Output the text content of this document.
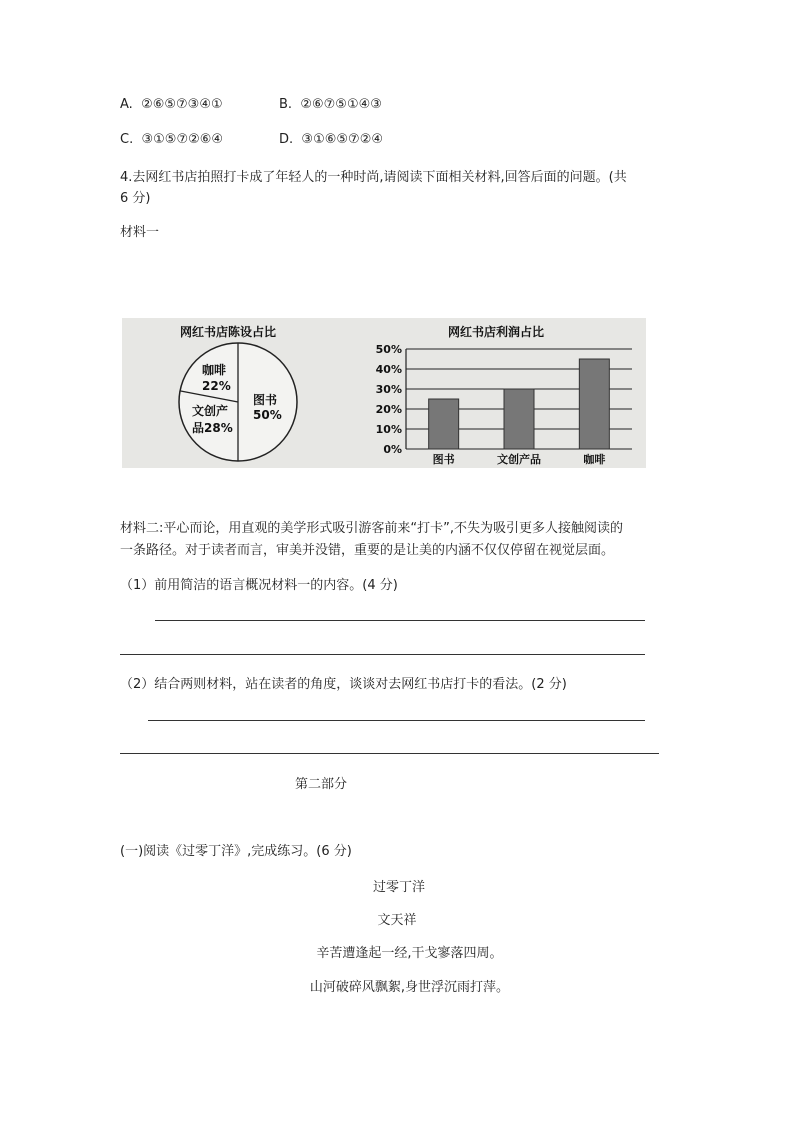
A. ②⑥⑤⑦③④①	B. ②⑥⑦⑤①④③
C. ③①⑤⑦②⑥④	D. ③①⑥⑤⑦②④
4.去网红书店拍照打卡成了年轻人的一种时尚,请阅读下面相关材料,回答后面的问题。(共
6 分)
材料一
网红书店陈设占比
图书
50%
咖啡
22%
文创产
品28%
网红书店利润占比
0%
10%
20%
30%
40%
50%
图书	文创产品	咖啡
材料二:平心而论，用直观的美学形式吸引游客前来“打卡”,不失为吸引更多人接触阅读的
一条路径。对于读者而言，审美并没错，重要的是让美的内涵不仅仅停留在视觉层面。
（1）前用简洁的语言概况材料一的内容。(4 分)
（2）结合两则材料，站在读者的角度，谈谈对去网红书店打卡的看法。(2 分)
第二部分
(一)阅读《过零丁洋》,完成练习。(6 分)
过零丁洋
文天祥
辛苦遭逢起一经,干戈寥落四周。
山河破碎风飘絮,身世浮沉雨打萍。
